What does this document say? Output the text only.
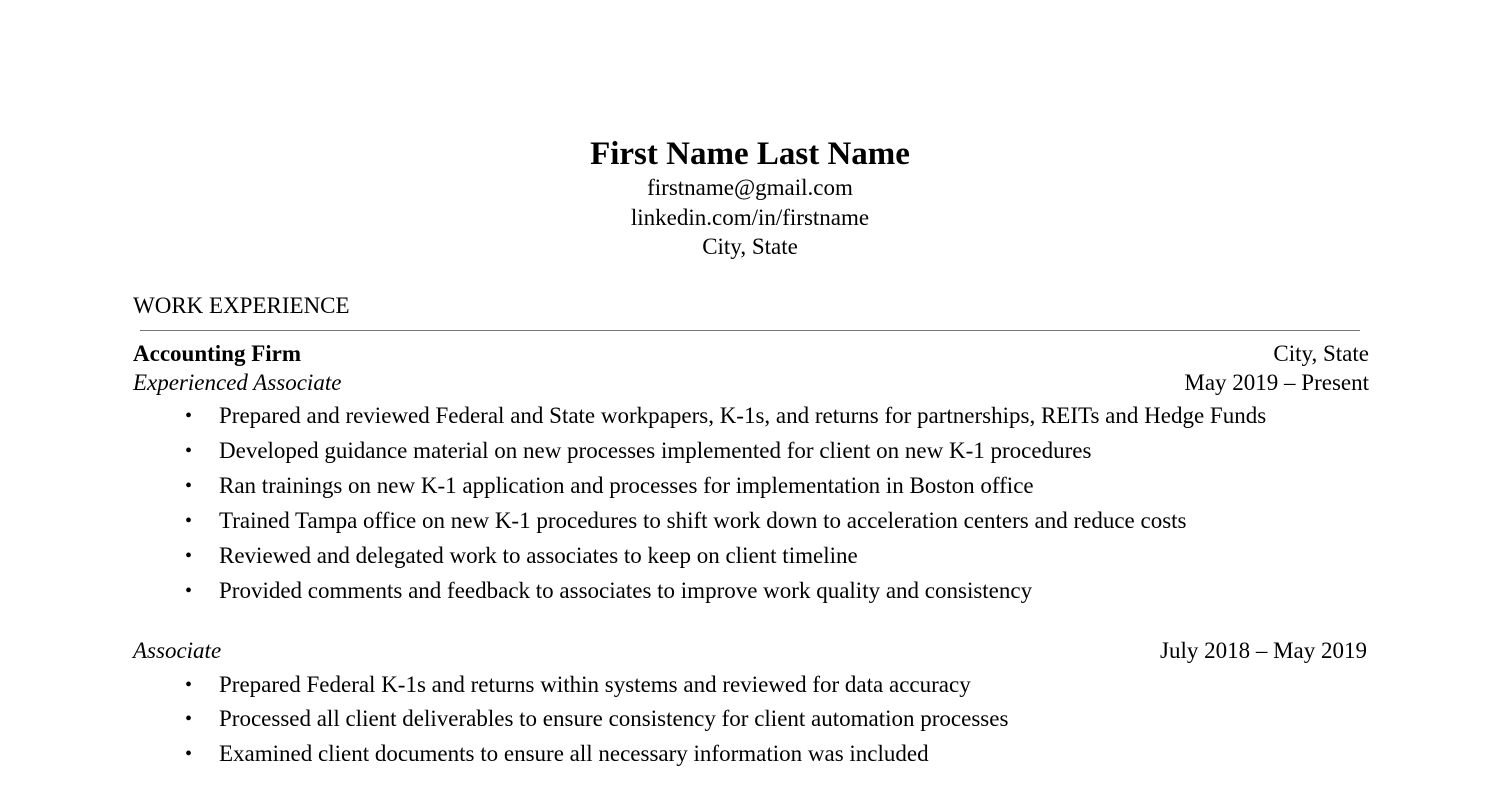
First Name Last Name
firstname@gmail.com
linkedin.com/in/firstname
City, State
WORK EXPERIENCE
Accounting Firm	City, State
Experienced Associate	May 2019 – Present
• Prepared and reviewed Federal and State workpapers, K-1s, and returns for partnerships, REITs and Hedge Funds
• Developed guidance material on new processes implemented for client on new K-1 procedures
• Ran trainings on new K-1 application and processes for implementation in Boston office
• Trained Tampa office on new K-1 procedures to shift work down to acceleration centers and reduce costs
• Reviewed and delegated work to associates to keep on client timeline
• Provided comments and feedback to associates to improve work quality and consistency
Associate	July 2018 – May 2019
• Prepared Federal K-1s and returns within systems and reviewed for data accuracy
• Processed all client deliverables to ensure consistency for client automation processes
• Examined client documents to ensure all necessary information was included
